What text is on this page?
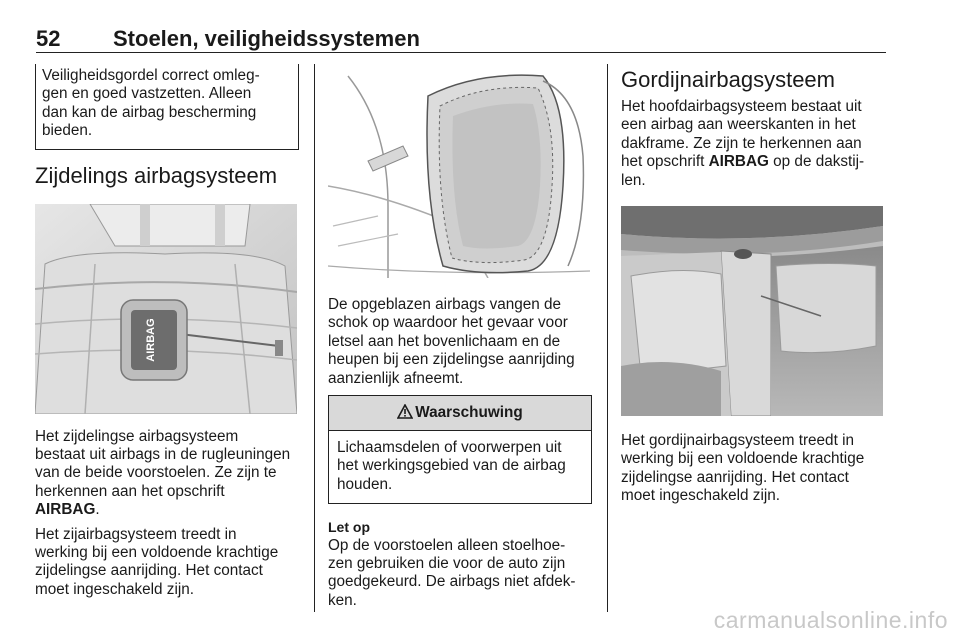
52 Stoelen, veiligheidssystemen

Veiligheidsgordel correct omleg-

gen en goed vastzetten. Alleen

dan kan de airbag bescherming

bieden.

Zijdelings airbagsysteem
AIRBAG

Het zijdelingse airbagsysteem

bestaat uit airbags in de rugleuningen

van de beide voorstoelen. Ze zijn te

herkennen aan het opschrift

AIRBAG.

Het zijairbagsysteem treedt in

werking bij een voldoende krachtige

zijdelingse aanrijding. Het contact

moet ingeschakeld zijn.

De opgeblazen airbags vangen de

schok op waardoor het gevaar voor

letsel aan het bovenlichaam en de

heupen bij een zijdelingse aanrijding

aanzienlijk afneemt.

Waarschuwing

Lichaamsdelen of voorwerpen uit

het werkingsgebied van de airbag

houden.

Let op

Op de voorstoelen alleen stoelhoe-

zen gebruiken die voor de auto zijn

goedgekeurd. De airbags niet afdek-

ken.

Gordijnairbagsysteem

Het hoofdairbagsysteem bestaat uit

een airbag aan weerskanten in het

dakframe. Ze zijn te herkennen aan

het opschrift AIRBAG op de dakstij-

len.

Het gordijnairbagsysteem treedt in

werking bij een voldoende krachtige

zijdelingse aanrijding. Het contact

moet ingeschakeld zijn.

carmanualsonline.info
